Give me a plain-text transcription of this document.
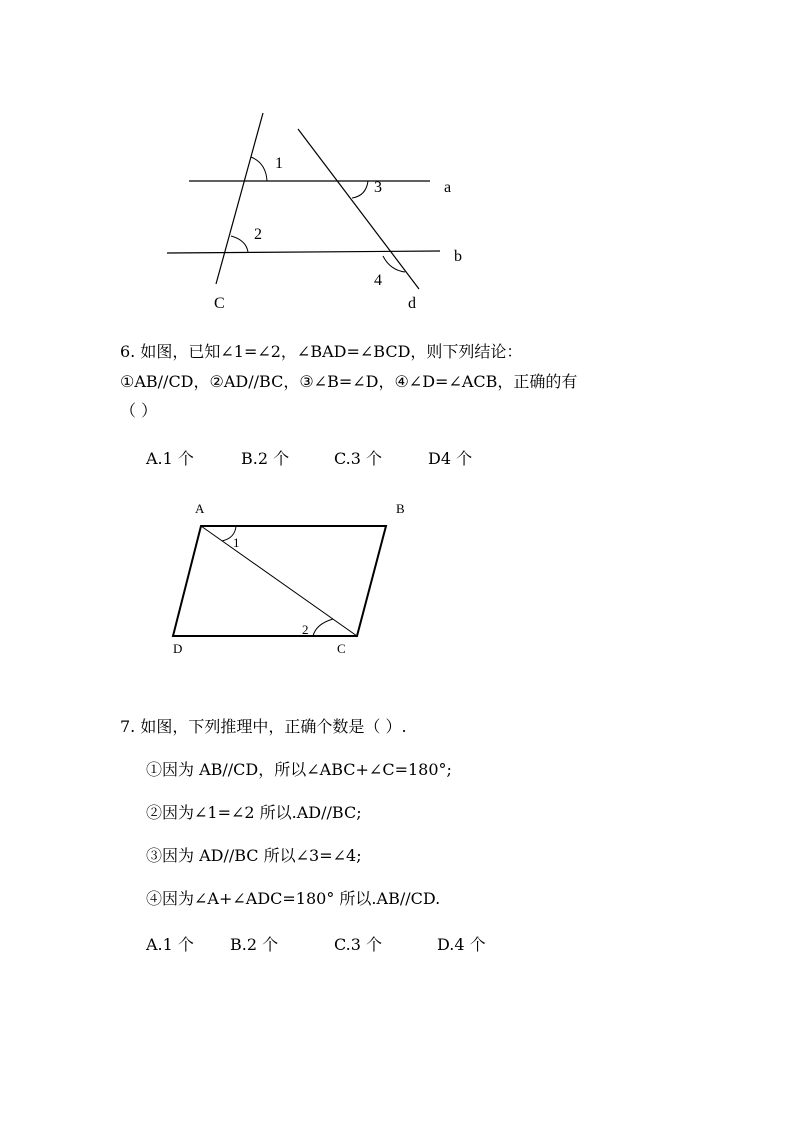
1
2
3
4
a
b
C	d
6. 如图，已知∠1=∠2，∠BAD=∠BCD，则下列结论：
①AB//CD，②AD//BC，③∠B=∠D，④∠D=∠ACB，正确的有
（ ）
A.1 个	B.2 个	C.3 个	D4 个
A	B
C
D
1
2
7. 如图，下列推理中，正确个数是（ ）.
①因为 AB//CD，所以∠ABC+∠C=180°;
②因为∠1=∠2 所以.AD//BC;
③因为 AD//BC 所以∠3=∠4;
④因为∠A+∠ADC=180° 所以.AB//CD.
A.1 个 B.2 个	C.3 个	D.4 个
